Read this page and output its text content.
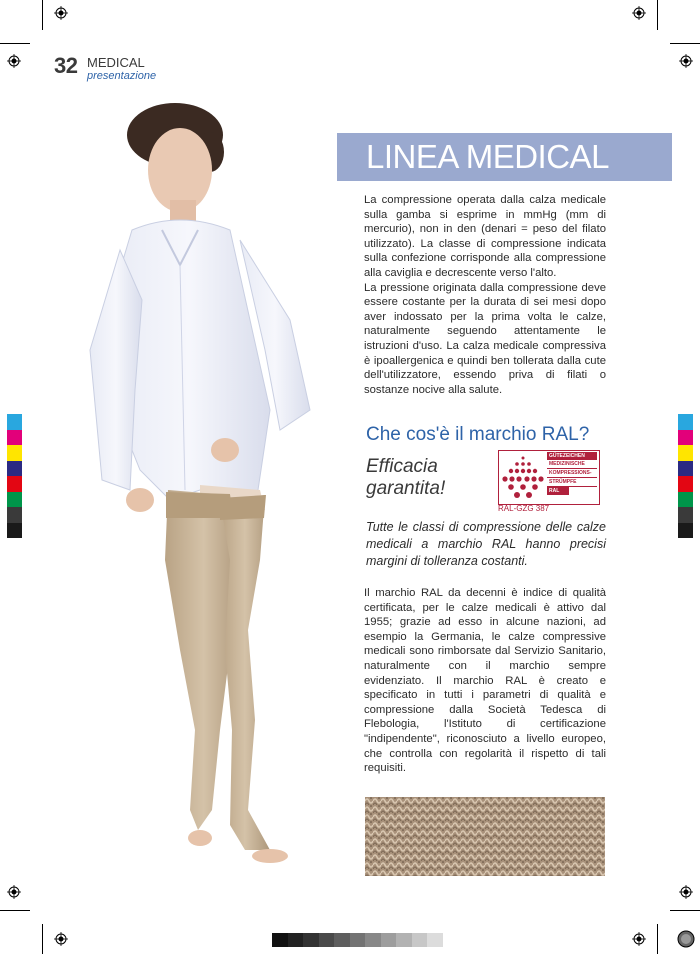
32 MEDICAL
presentazione
LINEA MEDICAL

La compressione operata dalla calza medicale sulla gamba si esprime in mmHg (mm di mercurio), non in den (denari = peso del filato utilizzato). La classe di compressione indicata sulla confezione corrisponde alla compressione alla caviglia e decrescente verso l'alto.

La pressione originata dalla compressione deve essere costante per la durata di sei mesi dopo aver indossato per la prima volta le calze, naturalmente seguendo attentamente le istruzioni d'uso. La calza medicale compressiva è ipoallergenica e quindi ben tollerata dalla cute dell'utilizzatore, essendo priva di filati o sostanze nocive alla salute.

Che cos'è il marchio RAL?
Efficacia
garantita!
GÜTEZEICHEN
MEDIZINISCHE
KOMPRESSIONS-
STRÜMPFE
RAL
RAL-GZG 387
Tutte le classi di compressione delle calze medicali a marchio RAL hanno precisi margini di tolleranza costanti.

Il marchio RAL da decenni è indice di qualità certificata, per le calze medicali è attivo dal 1955; grazie ad esso in alcune nazioni, ad esempio la Germania, le calze compressive medicali sono rimborsate dal Servizio Sanitario, naturalmente con il marchio sempre evidenziato. Il marchio RAL è creato e specificato in tutti i parametri di qualità e compressione dalla Società Tedesca di Flebologia, l'Istituto di certificazione "indipendente", riconosciuto a livello europeo, che controlla con regolarità il rispetto di tali requisiti.
